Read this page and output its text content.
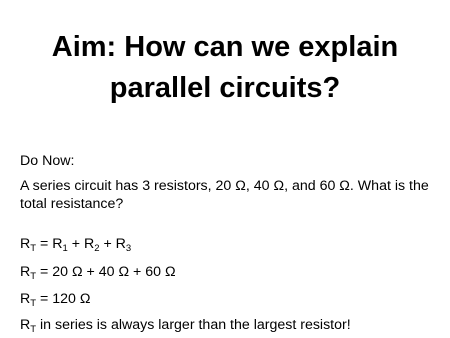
Aim: How can we explain
parallel circuits?
Do Now:
A series circuit has 3 resistors, 20 Ω, 40 Ω, and 60 Ω. What is the total resistance?
$R_T = R_1 + R_2 + R_3$
$R_T = 20$ Ω + 40 Ω + 60 Ω
$R_T = 120$ Ω
$R_T$ in series is always larger than the largest resistor!
